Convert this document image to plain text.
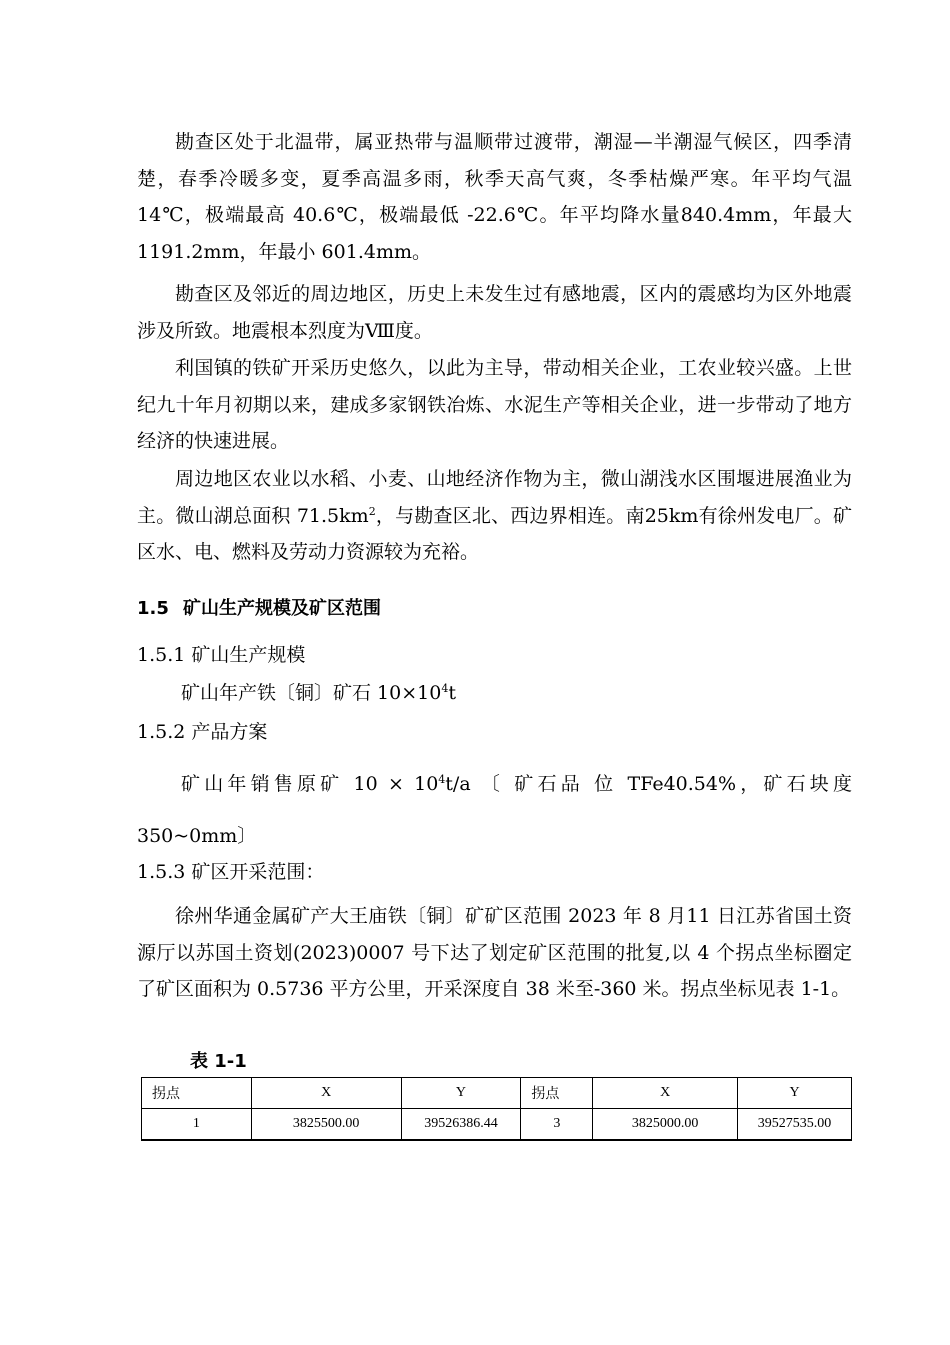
勘查区处于北温带，属亚热带与温顺带过渡带，潮湿—半潮湿气候区，四季清楚，春季冷暖多变，夏季高温多雨，秋季天高气爽，冬季枯燥严寒。年平均气温 14℃，极端最高 40.6℃，极端最低 -22.6℃。年平均降水量840.4mm，年最大 1191.2mm，年最小 601.4mm。

勘查区及邻近的周边地区，历史上未发生过有感地震，区内的震感均为区外地震涉及所致。地震根本烈度为Ⅷ度。

利国镇的铁矿开采历史悠久，以此为主导，带动相关企业，工农业较兴盛。上世纪九十年月初期以来，建成多家钢铁冶炼、水泥生产等相关企业，进一步带动了地方经济的快速进展。

周边地区农业以水稻、小麦、山地经济作物为主，微山湖浅水区围堰进展渔业为主。微山湖总面积 $71.5km^2$，与勘查区北、西边界相连。南25km有徐州发电厂。矿区水、电、燃料及劳动力资源较为充裕。

1.5 矿山生产规模及矿区范围

1.5.1 矿山生产规模

矿山年产铁〔铜〕矿石 $10\times 10^4t$

1.5.2 产品方案

矿山年销售原矿 $10 \times 10^4t/a$ 〔 矿石品 位 TFe40.54%，矿石块度350~0mm〕

1.5.3 矿区开采范围：

徐州华通金属矿产大王庙铁〔铜〕矿矿区范围 2023 年 8 月11 日江苏省国土资源厅以苏国土资划(2023)0007 号下达了划定矿区范围的批复,以 4 个拐点坐标圈定了矿区面积为 0.5736 平方公里，开采深度自 38 米至-360 米。拐点坐标见表 1-1。

表 1-1

拐点	X	Y	拐点	X	Y
1	3825500.00	39526386.44	3	3825000.00	39527535.00
